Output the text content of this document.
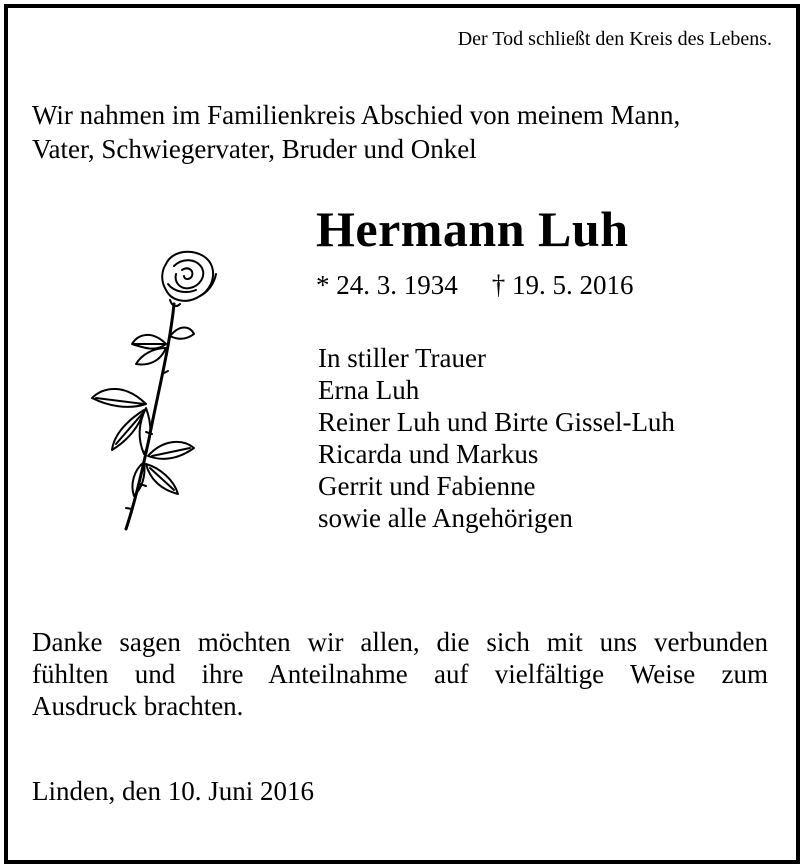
Der Tod schließt den Kreis des Lebens.
Wir nahmen im Familienkreis Abschied von meinem Mann,
Vater, Schwiegervater, Bruder und Onkel
Hermann Luh
* 24. 3. 1934 † 19. 5. 2016
In stiller Trauer
Erna Luh
Reiner Luh und Birte Gissel-Luh
Ricarda und Markus
Gerrit und Fabienne
sowie alle Angehörigen
Danke sagen möchten wir allen, die sich mit uns verbunden
fühlten und ihre Anteilnahme auf vielfältige Weise zum
Ausdruck brachten.
Linden, den 10. Juni 2016
